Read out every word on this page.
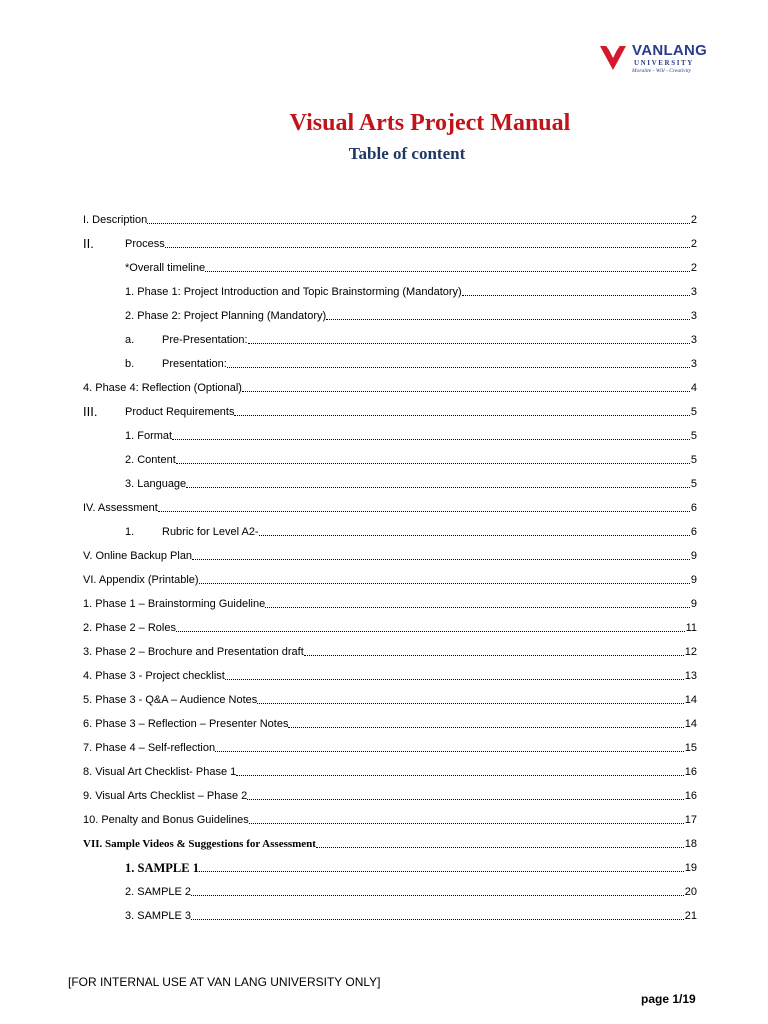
VANLANG
UNIVERSITY
Moralite - Will - Creativity
Visual Arts Project Manual
Table of content
I. Description	2
II.	Process	2
*Overall timeline	2
1. Phase 1: Project Introduction and Topic Brainstorming (Mandatory)	3
2. Phase 2: Project Planning (Mandatory)	3
a.	Pre-Presentation:	3
b.	Presentation:	3
4. Phase 4: Reflection (Optional)	4
III.	Product Requirements	5
1. Format	5
2. Content	5
3. Language	5
IV. Assessment	6
1.	Rubric for Level A2-	6
V. Online Backup Plan	9
VI. Appendix (Printable)	9
1. Phase 1 – Brainstorming Guideline	9
2. Phase 2 – Roles	11
3. Phase 2 – Brochure and Presentation draft	12
4. Phase 3 - Project checklist	13
5. Phase 3 - Q&A – Audience Notes	14
6. Phase 3 – Reflection – Presenter Notes	14
7. Phase 4 – Self-reflection	15
8. Visual Art Checklist- Phase 1	16
9. Visual Arts Checklist – Phase 2	16
10. Penalty and Bonus Guidelines	17
VII. Sample Videos & Suggestions for Assessment	18
1. SAMPLE 1	19
2. SAMPLE 2	20
3. SAMPLE 3	21
[FOR INTERNAL USE AT VAN LANG UNIVERSITY ONLY]
page 1/19
